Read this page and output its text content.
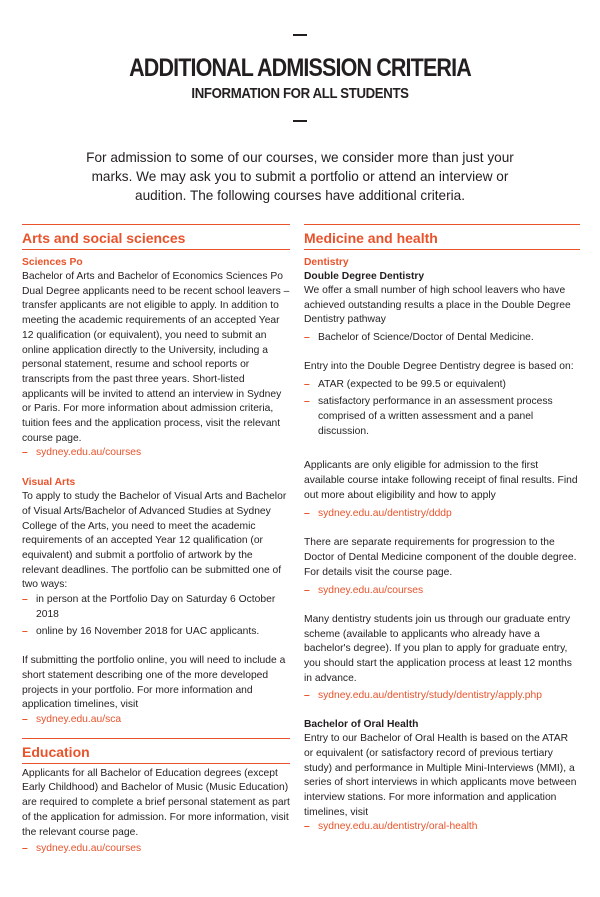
ADDITIONAL ADMISSION CRITERIA
INFORMATION FOR ALL STUDENTS

For admission to some of our courses, we consider more than just your

marks. We may ask you to submit a portfolio or attend an interview or

audition. The following courses have additional criteria.

Arts and social sciences

Sciences Po

Bachelor of Arts and Bachelor of Economics Sciences Po Dual Degree applicants need to be recent school leavers – transfer applicants are not eligible to apply. In addition to meeting the academic requirements of an accepted Year 12 qualification (or equivalent), you need to submit an online application directly to the University, including a personal statement, resume and school reports or transcripts from the past three years. Short-listed applicants will be invited to attend an interview in Sydney or Paris. For more information about admission criteria, tuition fees and the application process, visit the relevant course page.

– sydney.edu.au/courses

Visual Arts

To apply to study the Bachelor of Visual Arts and Bachelor of Visual Arts/Bachelor of Advanced Studies at Sydney College of the Arts, you need to meet the academic requirements of an accepted Year 12 qualification (or equivalent) and submit a portfolio of artwork by the relevant deadlines. The portfolio can be submitted one of two ways:

– in person at the Portfolio Day on Saturday 6 October 2018
– online by 16 November 2018 for UAC applicants.

If submitting the portfolio online, you will need to include a short statement describing one of the more developed projects in your portfolio. For more information and application timelines, visit

– sydney.edu.au/sca

Education

Applicants for all Bachelor of Education degrees (except Early Childhood) and Bachelor of Music (Music Education) are required to complete a brief personal statement as part of the application for admission. For more information, visit the relevant course page.

– sydney.edu.au/courses

Medicine and health

Dentistry

Double Degree Dentistry

We offer a small number of high school leavers who have achieved outstanding results a place in the Double Degree Dentistry pathway

– Bachelor of Science/Doctor of Dental Medicine.

Entry into the Double Degree Dentistry degree is based on:

– ATAR (expected to be 99.5 or equivalent)
– satisfactory performance in an assessment process comprised of a written assessment and a panel discussion.

Applicants are only eligible for admission to the first available course intake following receipt of final results. Find out more about eligibility and how to apply

– sydney.edu.au/dentistry/dddp

There are separate requirements for progression to the Doctor of Dental Medicine component of the double degree. For details visit the course page.

– sydney.edu.au/courses

Many dentistry students join us through our graduate entry scheme (available to applicants who already have a bachelor's degree). If you plan to apply for graduate entry, you should start the application process at least 12 months in advance.

– sydney.edu.au/dentistry/study/dentistry/apply.php

Bachelor of Oral Health

Entry to our Bachelor of Oral Health is based on the ATAR or equivalent (or satisfactory record of previous tertiary study) and performance in Multiple Mini-Interviews (MMI), a series of short interviews in which applicants move between interview stations. For more information and application timelines, visit

– sydney.edu.au/dentistry/oral-health
